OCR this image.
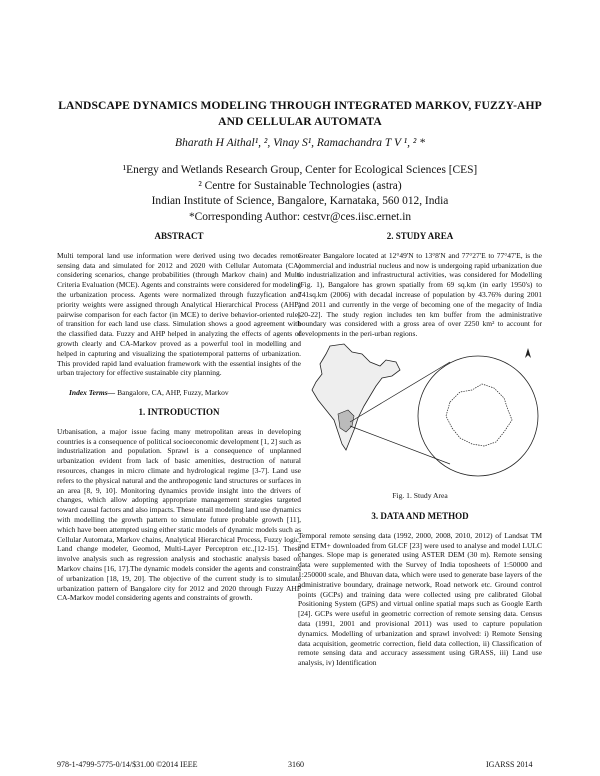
LANDSCAPE DYNAMICS MODELING THROUGH INTEGRATED MARKOV, FUZZY-AHP
AND CELLULAR AUTOMATA
Bharath H Aithal¹, ², Vinay S¹, Ramachandra T V ¹, ² *
¹Energy and Wetlands Research Group, Center for Ecological Sciences [CES]
² Centre for Sustainable Technologies (astra)
Indian Institute of Science, Bangalore, Karnataka, 560 012, India
*Corresponding Author: cestvr@ces.iisc.ernet.in

ABSTRACT

Multi temporal land use information were derived using two decades remote sensing data and simulated for 2012 and 2020 with Cellular Automata (CA) considering scenarios, change probabilities (through Markov chain) and Multi Criteria Evaluation (MCE). Agents and constraints were considered for modeling the urbanization process. Agents were normalized through fuzzyfication and priority weights were assigned through Analytical Hierarchical Process (AHP) pairwise comparison for each factor (in MCE) to derive behavior-oriented rules of transition for each land use class. Simulation shows a good agreement with the classified data. Fuzzy and AHP helped in analyzing the effects of agents of growth clearly and CA-Markov proved as a powerful tool in modelling and helped in capturing and visualizing the spatiotemporal patterns of urbanization. This provided rapid land evaluation framework with the essential insights of the urban trajectory for effective sustainable city planning.

Index Terms— Bangalore, CA, AHP, Fuzzy, Markov

1. INTRODUCTION

Urbanisation, a major issue facing many metropolitan areas in developing countries is a consequence of political socioeconomic development [1, 2] such as industrialization and population. Sprawl is a consequence of unplanned urbanization evident from lack of basic amenities, destruction of natural resources, changes in micro climate and hydrological regime [3-7]. Land use refers to the physical natural and the anthropogenic land structures or surfaces in an area [8, 9, 10]. Monitoring dynamics provide insight into the drivers of changes, which allow adopting appropriate management strategies targeted toward causal factors and also impacts. These entail modeling land use dynamics with modelling the growth pattern to simulate future probable growth [11], which have been attempted using either static models of dynamic models such as Cellular Automata, Markov chains, Analytical Hierarchical Process, Fuzzy logic, Land change modeler, Geomod, Multi-Layer Perceptron etc.,[12-15]. These involve analysis such as regression analysis and stochastic analysis based on Markov chains [16, 17].The dynamic models consider the agents and constraints of urbanization [18, 19, 20]. The objective of the current study is to simulate urbanization pattern of Bangalore city for 2012 and 2020 through Fuzzy AHP CA-Markov model considering agents and constraints of growth.

2. STUDY AREA

Greater Bangalore located at 12°49'N to 13°8'N and 77°27'E to 77°47'E, is the commercial and industrial nucleus and now is undergoing rapid urbanization due to industrialization and infrastructural activities, was considered for Modelling (Fig. 1), Bangalore has grown spatially from 69 sq.km (in early 1950's) to 741sq.km (2006) with decadal increase of population by 43.76% during 2001 and 2011 and currently in the verge of becoming one of the megacity of India [20-22]. The study region includes ten km buffer from the administrative boundary was considered with a gross area of over 2250 km² to account for developments in the peri-urban regions.

Fig. 1. Study Area

3. DATA AND METHOD

Temporal remote sensing data (1992, 2000, 2008, 2010, 2012) of Landsat TM and ETM+ downloaded from GLCF [23] were used to analyse and model LULC changes. Slope map is generated using ASTER DEM (30 m). Remote sensing data were supplemented with the Survey of India toposheets of 1:50000 and 1:250000 scale, and Bhuvan data, which were used to generate base layers of the administrative boundary, drainage network, Road network etc. Ground control points (GCPs) and training data were collected using pre calibrated Global Positioning System (GPS) and virtual online spatial maps such as Google Earth [24]. GCPs were useful in geometric correction of remote sensing data. Census data (1991, 2001 and provisional 2011) was used to capture population dynamics. Modelling of urbanization and sprawl involved: i) Remote Sensing data acquisition, geometric correction, field data collection, ii) Classification of remote sensing data and accuracy assessment using GRASS, iii) Land use analysis, iv) Identification

978-1-4799-5775-0/14/$31.00 ©2014 IEEE	3160	IGARSS 2014
